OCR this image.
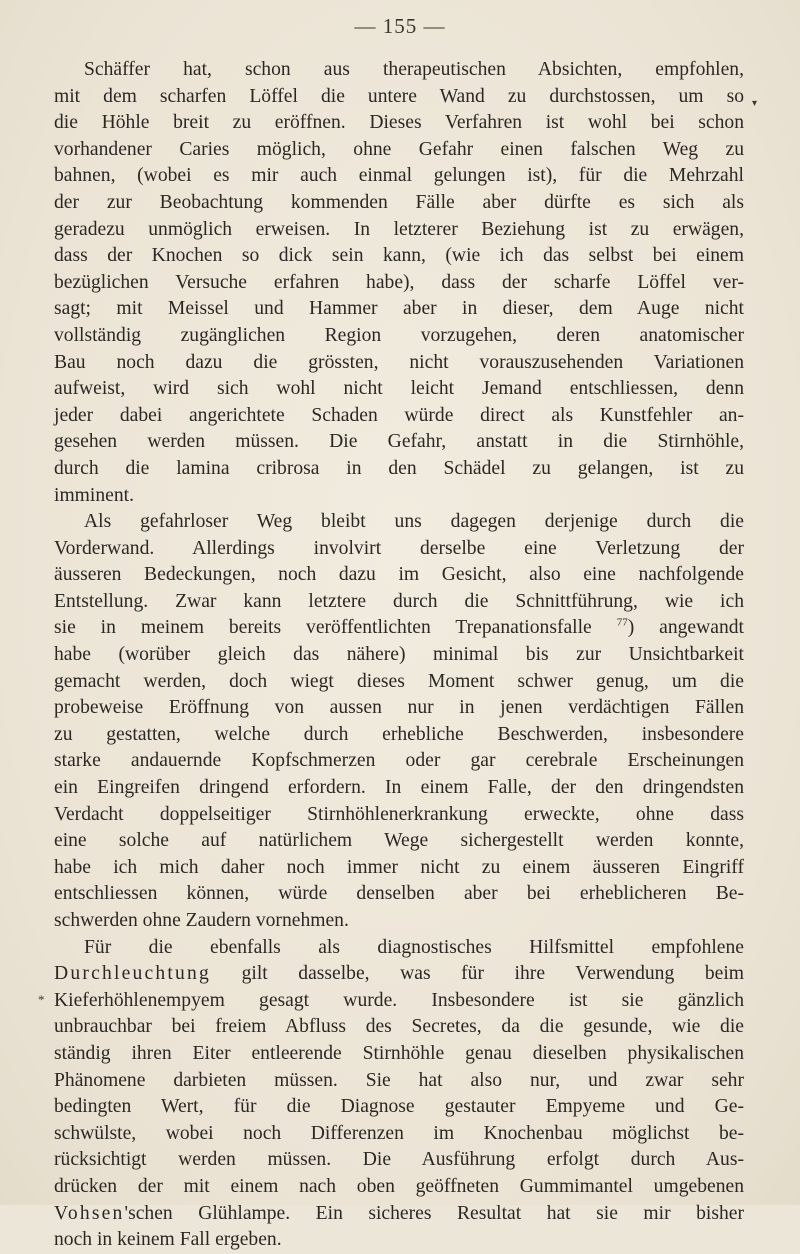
— 155 —
▾
*
Schäffer hat, schon aus therapeutischen Absichten, empfohlen,
mit dem scharfen Löffel die untere Wand zu durchstossen, um so
die Höhle breit zu eröffnen. Dieses Verfahren ist wohl bei schon
vorhandener Caries möglich, ohne Gefahr einen falschen Weg zu
bahnen, (wobei es mir auch einmal gelungen ist), für die Mehrzahl
der zur Beobachtung kommenden Fälle aber dürfte es sich als
geradezu unmöglich erweisen. In letzterer Beziehung ist zu erwägen,
dass der Knochen so dick sein kann, (wie ich das selbst bei einem
bezüglichen Versuche erfahren habe), dass der scharfe Löffel ver-
sagt; mit Meissel und Hammer aber in dieser, dem Auge nicht
vollständig zugänglichen Region vorzugehen, deren anatomischer
Bau noch dazu die grössten, nicht vorauszusehenden Variationen
aufweist, wird sich wohl nicht leicht Jemand entschliessen, denn
jeder dabei angerichtete Schaden würde direct als Kunstfehler an-
gesehen werden müssen. Die Gefahr, anstatt in die Stirnhöhle,
durch die lamina cribrosa in den Schädel zu gelangen, ist zu
imminent.
Als gefahrloser Weg bleibt uns dagegen derjenige durch die
Vorderwand. Allerdings involvirt derselbe eine Verletzung der
äusseren Bedeckungen, noch dazu im Gesicht, also eine nachfolgende
Entstellung. Zwar kann letztere durch die Schnittführung, wie ich
sie in meinem bereits veröffentlichten Trepanationsfalle $^{77}$) angewandt
habe (worüber gleich das nähere) minimal bis zur Unsichtbarkeit
gemacht werden, doch wiegt dieses Moment schwer genug, um die
probeweise Eröffnung von aussen nur in jenen verdächtigen Fällen
zu gestatten, welche durch erhebliche Beschwerden, insbesondere
starke andauernde Kopfschmerzen oder gar cerebrale Erscheinungen
ein Eingreifen dringend erfordern. In einem Falle, der den dringendsten
Verdacht doppelseitiger Stirnhöhlenerkrankung erweckte, ohne dass
eine solche auf natürlichem Wege sichergestellt werden konnte,
habe ich mich daher noch immer nicht zu einem äusseren Eingriff
entschliessen können, würde denselben aber bei erheblicheren Be-
schwerden ohne Zaudern vornehmen.
Für die ebenfalls als diagnostisches Hilfsmittel empfohlene
Durchleuchtung gilt dasselbe, was für ihre Verwendung beim
Kieferhöhlenempyem gesagt wurde. Insbesondere ist sie gänzlich
unbrauchbar bei freiem Abfluss des Secretes, da die gesunde, wie die
ständig ihren Eiter entleerende Stirnhöhle genau dieselben physikalischen
Phänomene darbieten müssen. Sie hat also nur, und zwar sehr
bedingten Wert, für die Diagnose gestauter Empyeme und Ge-
schwülste, wobei noch Differenzen im Knochenbau möglichst be-
rücksichtigt werden müssen. Die Ausführung erfolgt durch Aus-
drücken der mit einem nach oben geöffneten Gummimantel umgebenen
Vohsen'schen Glühlampe. Ein sicheres Resultat hat sie mir bisher
noch in keinem Fall ergeben.
